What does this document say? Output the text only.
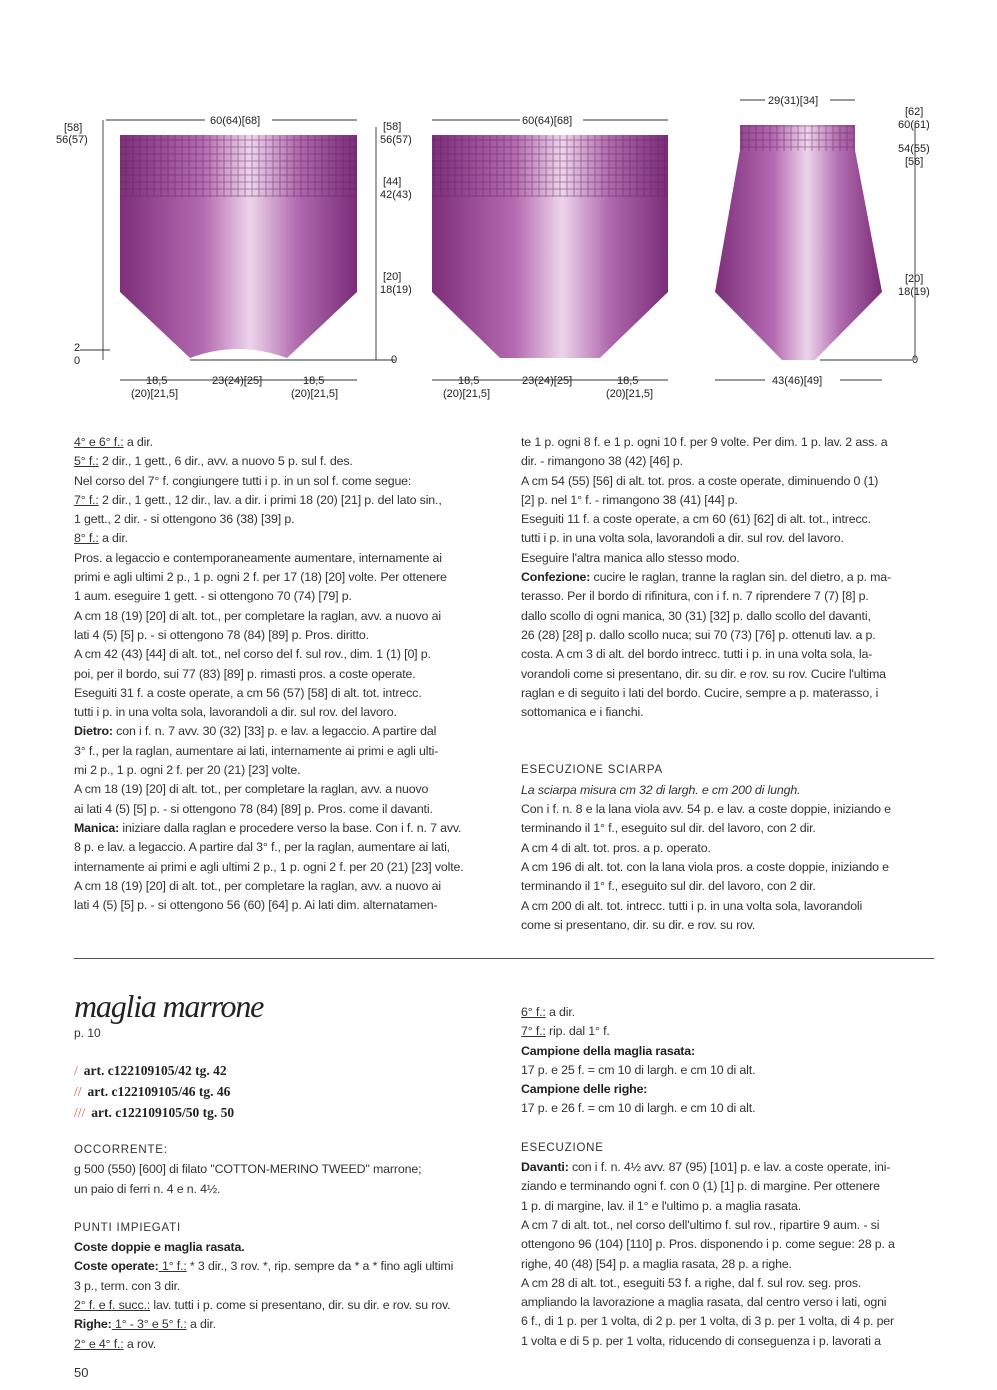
[58]
56(57)
60(64)[68]	[58]
56(57)
[44]
42(43)
[20]
18(19)
0
2
0
18,5
(20)[21,5]
23(24)[25]	18,5
(20)[21,5]
60(64)[68]
18,5
(20)[21,5]
23(24)[25]	18,5
(20)[21,5]
29(31)[34]
[62]
60(61)
54(55)
[56]
[20]
18(19)
0
43(46)[49]

4° e 6° f.: a dir.

5° f.: 2 dir., 1 gett., 6 dir., avv. a nuovo 5 p. sul f. des.

Nel corso del 7° f. congiungere tutti i p. in un sol f. come segue:

7° f.: 2 dir., 1 gett., 12 dir., lav. a dir. i primi 18 (20) [21] p. del lato sin.,

1 gett., 2 dir. - si ottengono 36 (38) [39] p.

8° f.: a dir.

Pros. a legaccio e contemporaneamente aumentare, internamente ai

primi e agli ultimi 2 p., 1 p. ogni 2 f. per 17 (18) [20] volte. Per ottenere

1 aum. eseguire 1 gett. - si ottengono 70 (74) [79] p.

A cm 18 (19) [20] di alt. tot., per completare la raglan, avv. a nuovo ai

lati 4 (5) [5] p. - si ottengono 78 (84) [89] p. Pros. diritto.

A cm 42 (43) [44] di alt. tot., nel corso del f. sul rov., dim. 1 (1) [0] p.

poi, per il bordo, sui 77 (83) [89] p. rimasti pros. a coste operate.

Eseguiti 31 f. a coste operate, a cm 56 (57) [58] di alt. tot. intrecc.

tutti i p. in una volta sola, lavorandoli a dir. sul rov. del lavoro.

Dietro: con i f. n. 7 avv. 30 (32) [33] p. e lav. a legaccio. A partire dal

3° f., per la raglan, aumentare ai lati, internamente ai primi e agli ulti-

mi 2 p., 1 p. ogni 2 f. per 20 (21) [23] volte.

A cm 18 (19) [20] di alt. tot., per completare la raglan, avv. a nuovo

ai lati 4 (5) [5] p. - si ottengono 78 (84) [89] p. Pros. come il davanti.

Manica: iniziare dalla raglan e procedere verso la base. Con i f. n. 7 avv.

8 p. e lav. a legaccio. A partire dal 3° f., per la raglan, aumentare ai lati,

internamente ai primi e agli ultimi 2 p., 1 p. ogni 2 f. per 20 (21) [23] volte.

A cm 18 (19) [20] di alt. tot., per completare la raglan, avv. a nuovo ai

lati 4 (5) [5] p. - si ottengono 56 (60) [64] p. Ai lati dim. alternatamen-

te 1 p. ogni 8 f. e 1 p. ogni 10 f. per 9 volte. Per dim. 1 p. lav. 2 ass. a

dir. - rimangono 38 (42) [46] p.

A cm 54 (55) [56] di alt. tot. pros. a coste operate, diminuendo 0 (1)

[2] p. nel 1° f. - rimangono 38 (41) [44] p.

Eseguiti 11 f. a coste operate, a cm 60 (61) [62] di alt. tot., intrecc.

tutti i p. in una volta sola, lavorandoli a dir. sul rov. del lavoro.

Eseguire l'altra manica allo stesso modo.

Confezione: cucire le raglan, tranne la raglan sin. del dietro, a p. ma-

terasso. Per il bordo di rifinitura, con i f. n. 7 riprendere 7 (7) [8] p.

dallo scollo di ogni manica, 30 (31) [32] p. dallo scollo del davanti,

26 (28) [28] p. dallo scollo nuca; sui 70 (73) [76] p. ottenuti lav. a p.

costa. A cm 3 di alt. del bordo intrecc. tutti i p. in una volta sola, la-

vorandoli come si presentano, dir. su dir. e rov. su rov. Cucire l'ultima

raglan e di seguito i lati del bordo. Cucire, sempre a p. materasso, i

sottomanica e i fianchi.

ESECUZIONE SCIARPA

La sciarpa misura cm 32 di largh. e cm 200 di lungh.

Con i f. n. 8 e la lana viola avv. 54 p. e lav. a coste doppie, iniziando e

terminando il 1° f., eseguito sul dir. del lavoro, con 2 dir.

A cm 4 di alt. tot. pros. a p. operato.

A cm 196 di alt. tot. con la lana viola pros. a coste doppie, iniziando e

terminando il 1° f., eseguito sul dir. del lavoro, con 2 dir.

A cm 200 di alt. tot. intrecc. tutti i p. in una volta sola, lavorandoli

come si presentano, dir. su dir. e rov. su rov.

maglia marrone
p. 10
/ art. c122109105/42 tg. 42
// art. c122109105/46 tg. 46
/// art. c122109105/50 tg. 50

OCCORRENTE:

g 500 (550) [600] di filato "COTTON-MERINO TWEED" marrone;

un paio di ferri n. 4 e n. 4½.

PUNTI IMPIEGATI

Coste doppie e maglia rasata.

Coste operate: 1° f.: * 3 dir., 3 rov. *, rip. sempre da * a * fino agli ultimi

3 p., term. con 3 dir.

2° f. e f. succ.: lav. tutti i p. come si presentano, dir. su dir. e rov. su rov.

Righe: 1° - 3° e 5° f.: a dir.

2° e 4° f.: a rov.

6° f.: a dir.

7° f.: rip. dal 1° f.

Campione della maglia rasata:

17 p. e 25 f. = cm 10 di largh. e cm 10 di alt.

Campione delle righe:

17 p. e 26 f. = cm 10 di largh. e cm 10 di alt.

ESECUZIONE

Davanti: con i f. n. 4½ avv. 87 (95) [101] p. e lav. a coste operate, ini-

ziando e terminando ogni f. con 0 (1) [1] p. di margine. Per ottenere

1 p. di margine, lav. il 1° e l'ultimo p. a maglia rasata.

A cm 7 di alt. tot., nel corso dell'ultimo f. sul rov., ripartire 9 aum. - si

ottengono 96 (104) [110] p. Pros. disponendo i p. come segue: 28 p. a

righe, 40 (48) [54] p. a maglia rasata, 28 p. a righe.

A cm 28 di alt. tot., eseguiti 53 f. a righe, dal f. sul rov. seg. pros.

ampliando la lavorazione a maglia rasata, dal centro verso i lati, ogni

6 f., di 1 p. per 1 volta, di 2 p. per 1 volta, di 3 p. per 1 volta, di 4 p. per

1 volta e di 5 p. per 1 volta, riducendo di conseguenza i p. lavorati a

50
